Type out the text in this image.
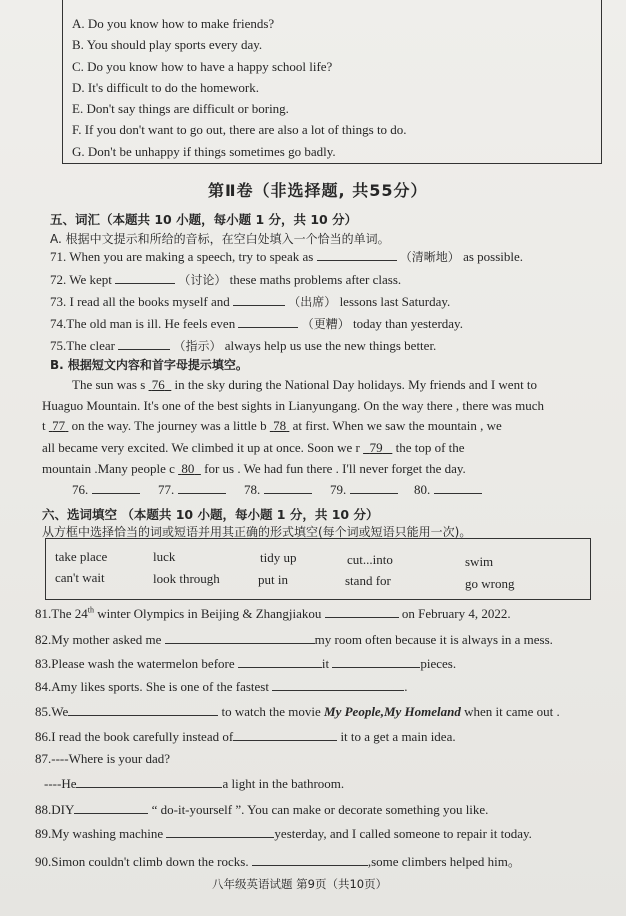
A. Do you know how to make friends?
B. You should play sports every day.
C. Do you know how to have a happy school life?
D. It's difficult to do the homework.
E. Don't say things are difficult or boring.
F. If you don't want to go out, there are also a lot of things to do.
G. Don't be unhappy if things sometimes go badly.
第Ⅱ卷（非选择题, 共55分）
五、词汇（本题共 10 小题，每小题 1 分，共 10 分）
A. 根据中文提示和所给的音标，在空白处填入一个恰当的单词。
71. When you are making a speech, try to speak as	（清晰地） as possible.
72. We kept	（讨论） these maths problems after class.
73. I read all the books myself and	（出席） lessons last Saturday.
74.The old man is ill. He feels even	（更糟） today than yesterday.
75.The clear	（指示） always help us use the new things better.
B. 根据短文内容和首字母提示填空。
The sun was s  76   in the sky during the National Day holidays. My friends and I went to
Huaguo Mountain. It's one of the best sights in Lianyungang. On the way there , there was much
t  77  on the way. The journey was a little b  78  at first. When we saw the mountain , we
all became very excited. We climbed it up at once. Soon we r   79    the top of the
mountain .Many people c  80   for us . We had fun there . I'll never forget the day.
76.	77.	78.	79.	80.
六、选词填空 （本题共 10 小题，每小题 1 分，共 10 分）
从方框中选择恰当的词或短语并用其正确的形式填空(每个词或短语只能用一次)。
take place	luck	tidy up	cut...into	swim
can't wait	look through	put in	stand for	go wrong
81.The 24th winter Olympics in Beijing & Zhangjiakou	on February 4, 2022.
82.My mother asked me	my room often because it is always in a mess.
83.Please wash the watermelon before	it	pieces.
84.Amy likes sports. She is one of the fastest	.
85.We	to watch the movie My People,My Homeland when it came out .
86.I read the book carefully instead of	it to a get a main idea.
87.----Where is your dad?
----He	a light in the bathroom.
88.DIY	“ do-it-yourself ”. You can make or decorate something you like.
89.My washing machine	yesterday, and I called someone to repair it today.
90.Simon couldn't climb down the rocks.	,some climbers helped him。
八年级英语试题 第9页（共10页）
